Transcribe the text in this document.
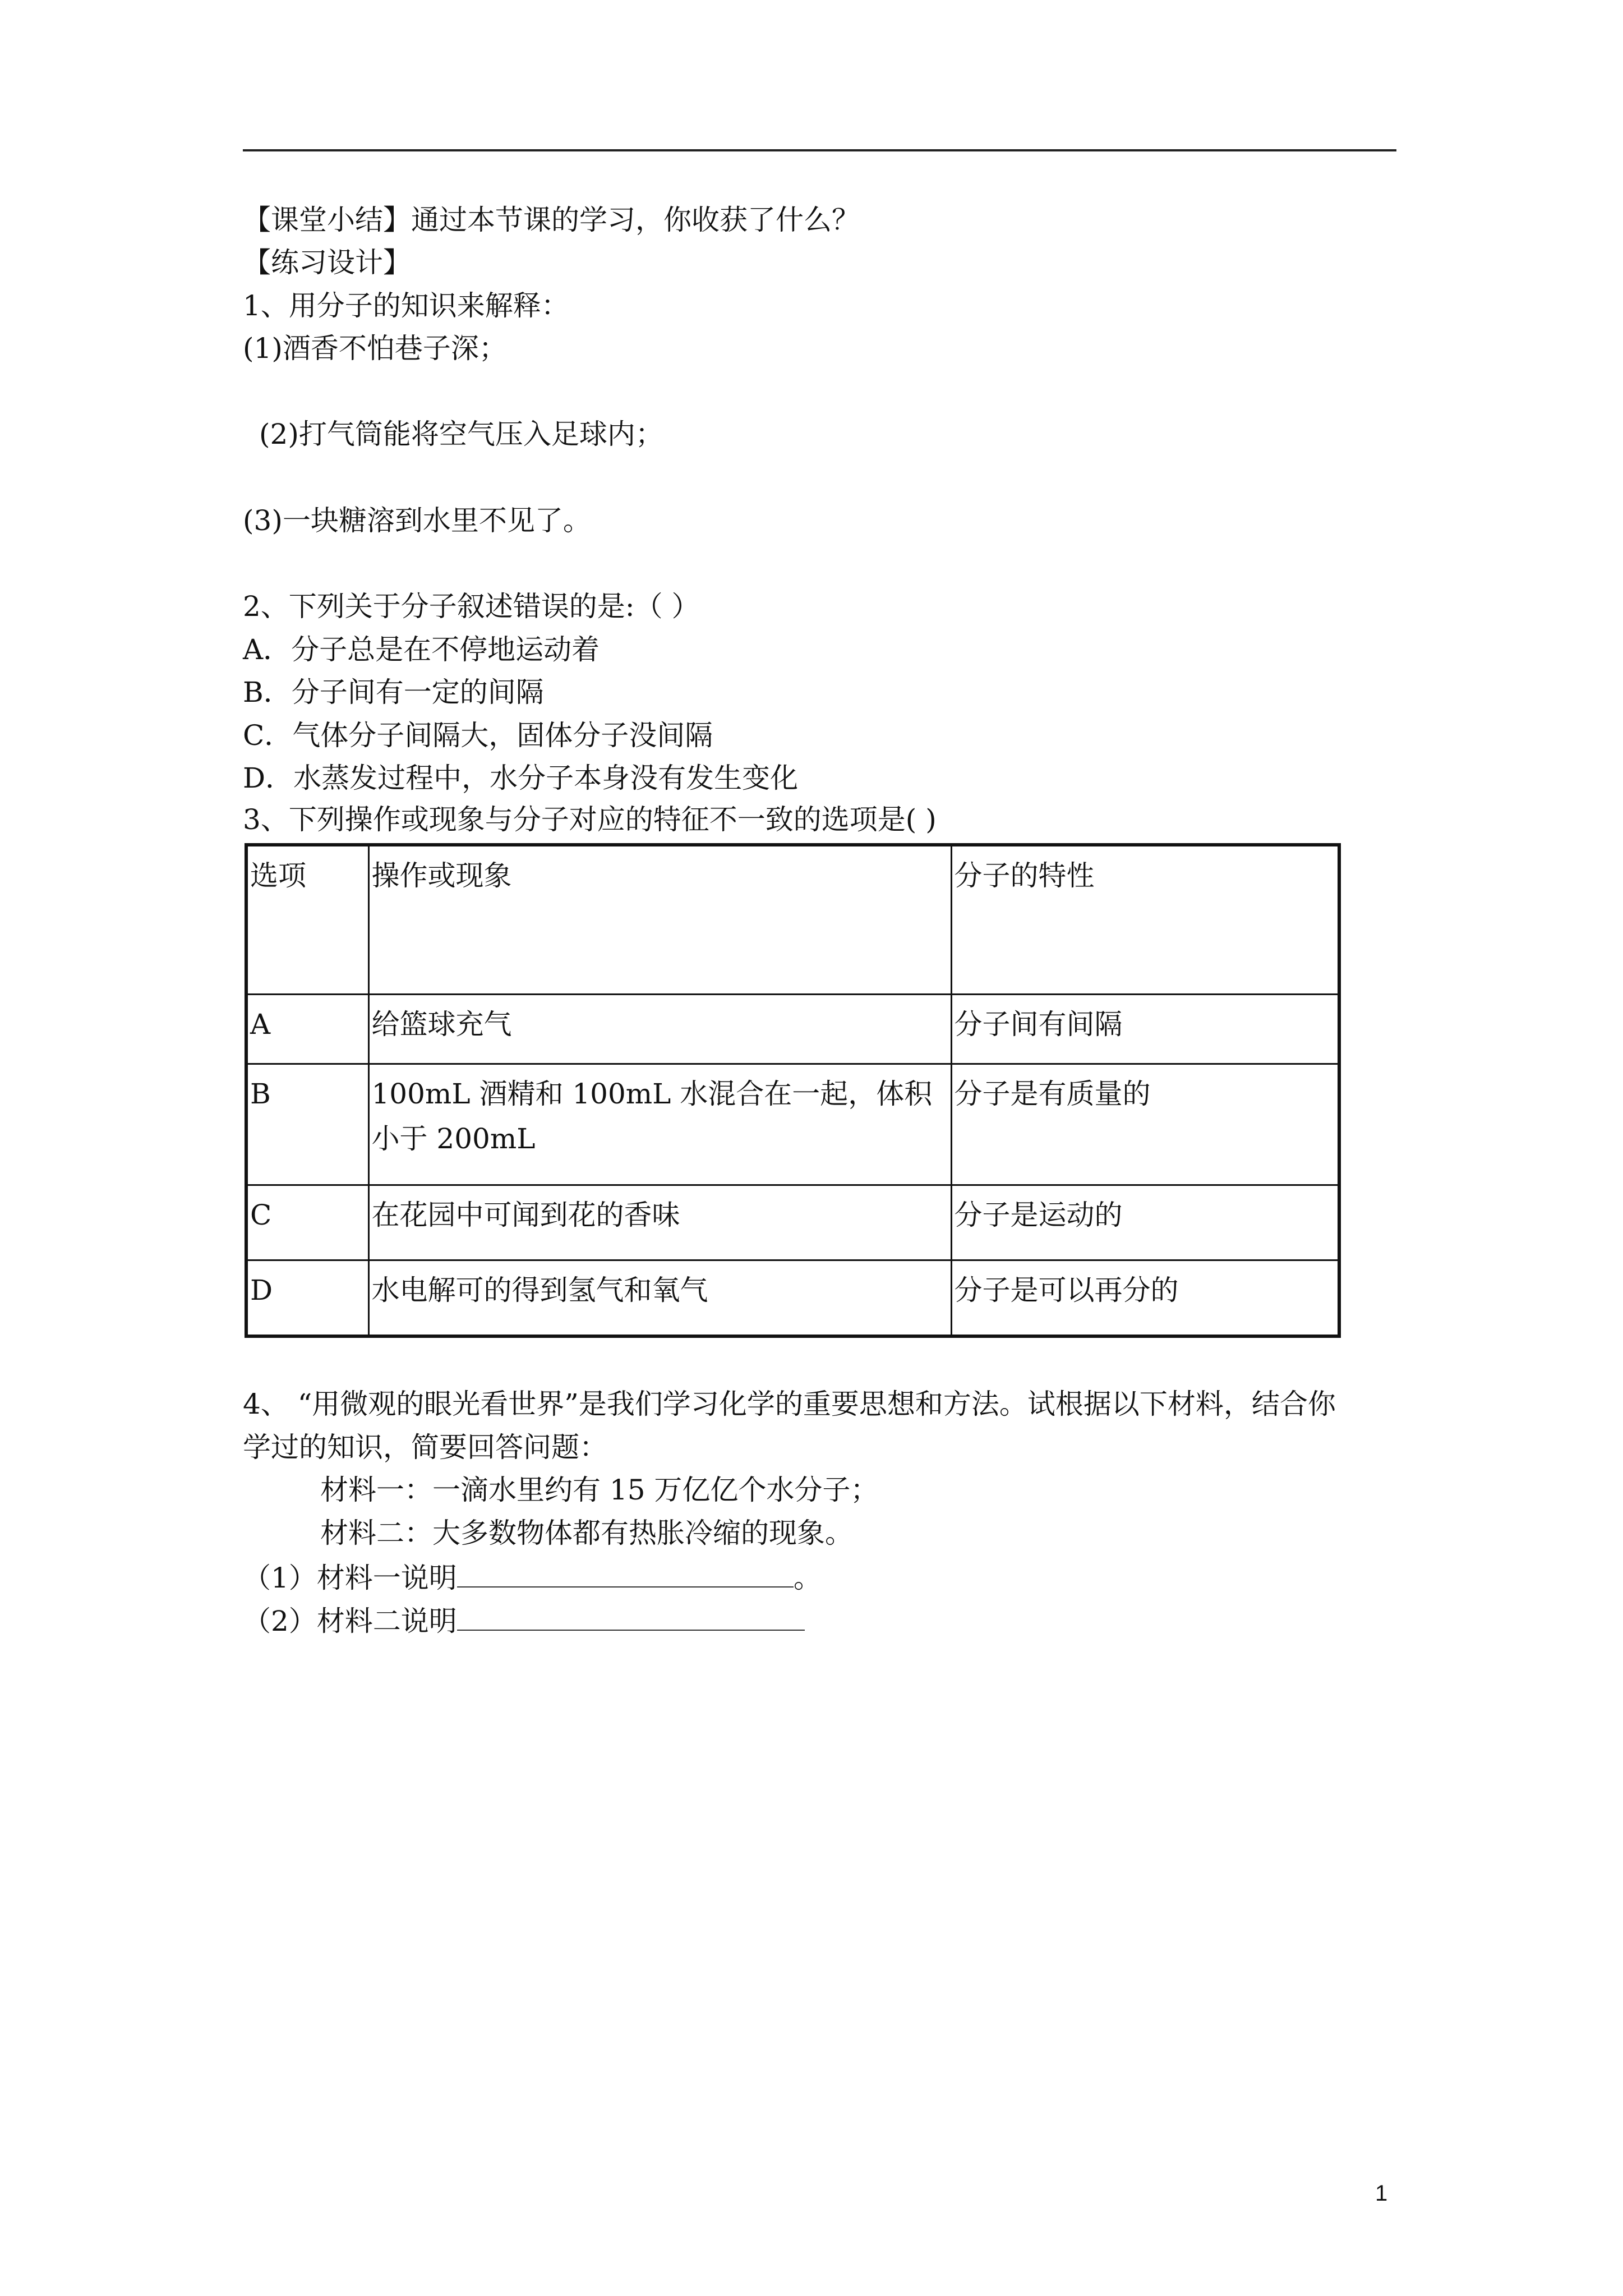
【课堂小结】通过本节课的学习，你收获了什么？
【练习设计】
1、用分子的知识来解释：
(1)酒香不怕巷子深；
(2)打气筒能将空气压入足球内；
(3)一块糖溶到水里不见了。
2、下列关于分子叙述错误的是:（ ）
A．分子总是在不停地运动着
B．分子间有一定的间隔
C．气体分子间隔大，固体分子没间隔
D．水蒸发过程中，水分子本身没有发生变化
3、下列操作或现象与分子对应的特征不一致的选项是( )
选项	操作或现象	分子的特性
A	给篮球充气	分子间有间隔
B	100mL 酒精和 100mL 水混合在一起，体积小于 200mL	分子是有质量的
C	在花园中可闻到花的香味	分子是运动的
D	水电解可的得到氢气和氧气	分子是可以再分的
4、 “用微观的眼光看世界”是我们学习化学的重要思想和方法。试根据以下材料，结合你
学过的知识，简要回答问题：
材料一：一滴水里约有 15 万亿亿个水分子；
材料二：大多数物体都有热胀冷缩的现象。
（1）材料一说明	。
（2）材料二说明
1
